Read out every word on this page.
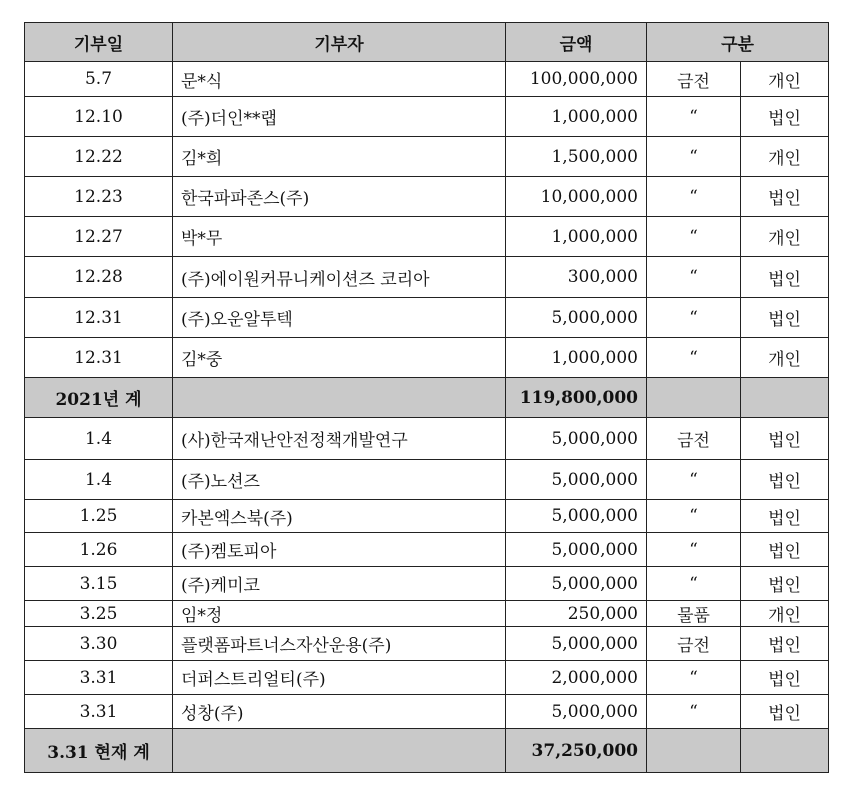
기부일	기부자	금액	구분	
5.7	문*식	100,000,000	금전	개인
12.10	(주)더인**랩	1,000,000	“	법인
12.22	김*희	1,500,000	“	개인
12.23	한국파파존스(주)	10,000,000	“	법인
12.27	박*무	1,000,000	“	개인
12.28	(주)에이원커뮤니케이션즈 코리아	300,000	“	법인
12.31	(주)오운알투텍	5,000,000	“	법인
12.31	김*중	1,000,000	“	개인
2021년 계		119,800,000		
1.4	(사)한국재난안전정책개발연구	5,000,000	금전	법인
1.4	(주)노션즈	5,000,000	“	법인
1.25	카본엑스북(주)	5,000,000	“	법인
1.26	(주)켐토피아	5,000,000	“	법인
3.15	(주)케미코	5,000,000	“	법인
3.25	임*정	250,000	물품	개인
3.30	플랫폼파트너스자산운용(주)	5,000,000	금전	법인
3.31	더퍼스트리얼티(주)	2,000,000	“	법인
3.31	성창(주)	5,000,000	“	법인
3.31 현재 계		37,250,000		
